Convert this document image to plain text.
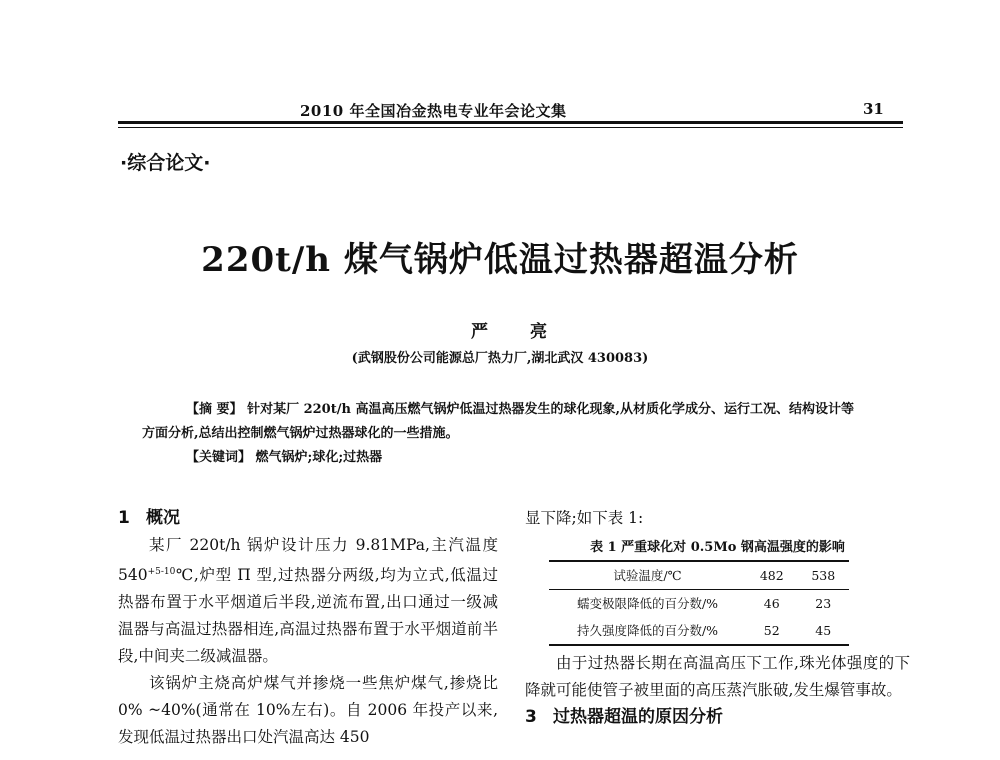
2010 年全国冶金热电专业年会论文集	31
·综合论文·
220t/h 煤气锅炉低温过热器超温分析
严 亮
(武钢股份公司能源总厂热力厂,湖北武汉 430083)

【摘 要】 针对某厂 220t/h 高温高压燃气锅炉低温过热器发生的球化现象,从材质化学成分、运行工况、结构设计等方面分析,总结出控制燃气锅炉过热器球化的一些措施。

【关键词】 燃气锅炉;球化;过热器

1 概况

某厂 220t/h 锅炉设计压力 9.81MPa,主汽温度 $540^{+5-10}℃$,炉型 Π 型,过热器分两级,均为立式,低温过热器布置于水平烟道后半段,逆流布置,出口通过一级减温器与高温过热器相连,高温过热器布置于水平烟道前半段,中间夹二级减温器。

该锅炉主烧高炉煤气并掺烧一些焦炉煤气,掺烧比 0% ~40%(通常在 10%左右)。自 2006 年投产以来,发现低温过热器出口处汽温高达 450

显下降;如下表 1:

表 1 严重球化对 0.5Mo 钢高温强度的影响
试验温度/℃	482	538
蠕变极限降低的百分数/%	46	23
持久强度降低的百分数/%	52	45

由于过热器长期在高温高压下工作,珠光体强度的下降就可能使管子被里面的高压蒸汽胀破,发生爆管事故。

3 过热器超温的原因分析
